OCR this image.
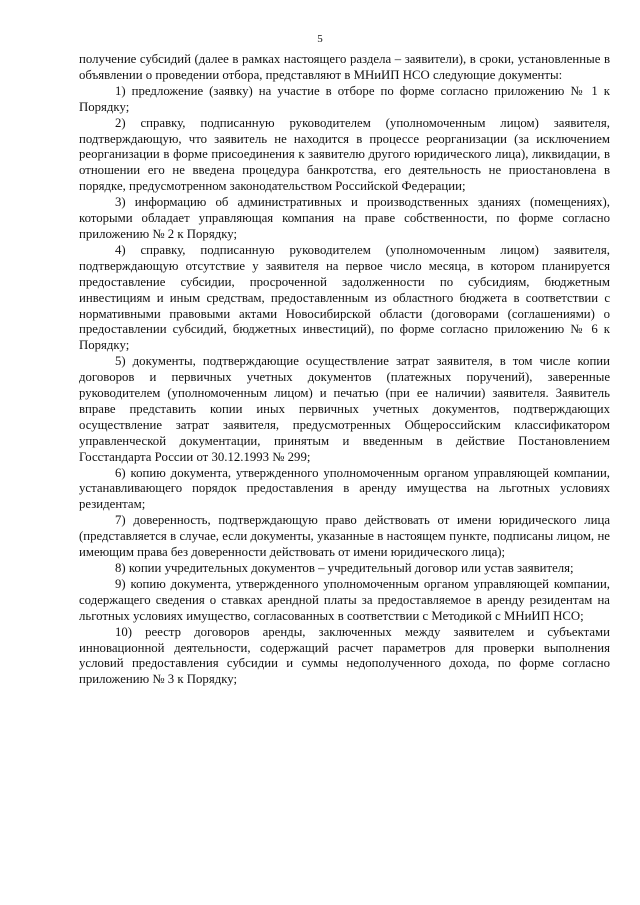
5

получение субсидий (далее в рамках настоящего раздела – заявители), в сроки, установленные в объявлении о проведении отбора, представляют в МНиИП НСО следующие документы:

1) предложение (заявку) на участие в отборе по форме согласно приложению № 1 к Порядку;

2) справку, подписанную руководителем (уполномоченным лицом) заявителя, подтверждающую, что заявитель не находится в процессе реорганизации (за исключением реорганизации в форме присоединения к заявителю другого юридического лица), ликвидации, в отношении его не введена процедура банкротства, его деятельность не приостановлена в порядке, предусмотренном законодательством Российской Федерации;

3) информацию об административных и производственных зданиях (помещениях), которыми обладает управляющая компания на праве собственности, по форме согласно приложению № 2 к Порядку;

4) справку, подписанную руководителем (уполномоченным лицом) заявителя, подтверждающую отсутствие у заявителя на первое число месяца, в котором планируется предоставление субсидии, просроченной задолженности по субсидиям, бюджетным инвестициям и иным средствам, предоставленным из областного бюджета в соответствии с нормативными правовыми актами Новосибирской области (договорами (соглашениями) о предоставлении субсидий, бюджетных инвестиций), по форме согласно приложению № 6 к Порядку;

5) документы, подтверждающие осуществление затрат заявителя, в том числе копии договоров и первичных учетных документов (платежных поручений), заверенные руководителем (уполномоченным лицом) и печатью (при ее наличии) заявителя. Заявитель вправе представить копии иных первичных учетных документов, подтверждающих осуществление затрат заявителя, предусмотренных Общероссийским классификатором управленческой документации, принятым и введенным в действие Постановлением Госстандарта России от 30.12.1993 № 299;

6) копию документа, утвержденного уполномоченным органом управляющей компании, устанавливающего порядок предоставления в аренду имущества на льготных условиях резидентам;

7) доверенность, подтверждающую право действовать от имени юридического лица (представляется в случае, если документы, указанные в настоящем пункте, подписаны лицом, не имеющим права без доверенности действовать от имени юридического лица);

8) копии учредительных документов – учредительный договор или устав заявителя;

9) копию документа, утвержденного уполномоченным органом управляющей компании, содержащего сведения о ставках арендной платы за предоставляемое в аренду резидентам на льготных условиях имущество, согласованных в соответствии с Методикой с МНиИП НСО;

10) реестр договоров аренды, заключенных между заявителем и субъектами инновационной деятельности, содержащий расчет параметров для проверки выполнения условий предоставления субсидии и суммы недополученного дохода, по форме согласно приложению № 3 к Порядку;
